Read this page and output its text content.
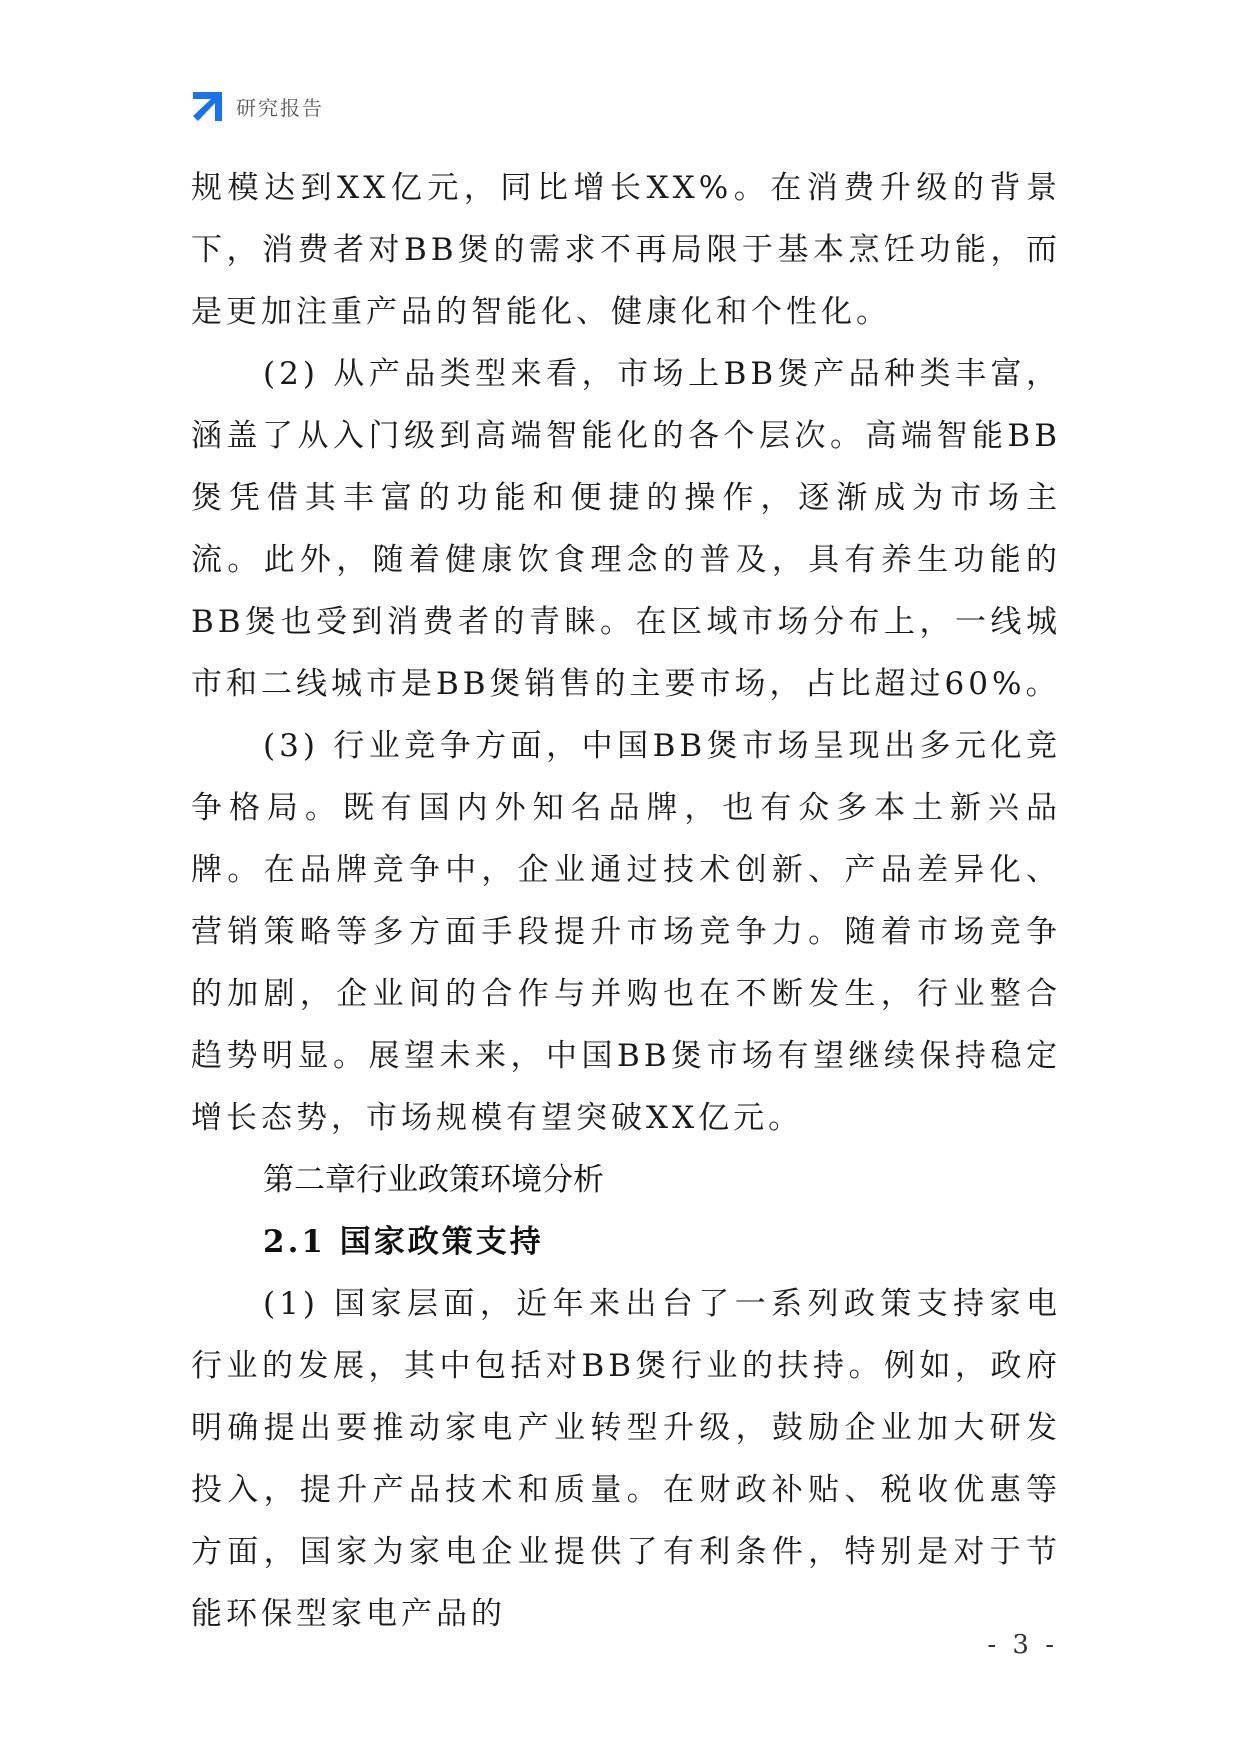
研究报告

规模达到XX亿元，同比增长XX%。在消费升级的背景下，消费者对BB煲的需求不再局限于基本烹饪功能，而是更加注重产品的智能化、健康化和个性化。

(2) 从产品类型来看，市场上BB煲产品种类丰富，涵盖了从入门级到高端智能化的各个层次。高端智能BB煲凭借其丰富的功能和便捷的操作，逐渐成为市场主流。此外，随着健康饮食理念的普及，具有养生功能的BB煲也受到消费者的青睐。在区域市场分布上，一线城市和二线城市是BB煲销售的主要市场，占比超过60%。

(3) 行业竞争方面，中国BB煲市场呈现出多元化竞争格局。既有国内外知名品牌，也有众多本土新兴品牌。在品牌竞争中，企业通过技术创新、产品差异化、营销策略等多方面手段提升市场竞争力。随着市场竞争的加剧，企业间的合作与并购也在不断发生，行业整合趋势明显。展望未来，中国BB煲市场有望继续保持稳定增长态势，市场规模有望突破XX亿元。

第二章行业政策环境分析
2.1 国家政策支持

(1) 国家层面，近年来出台了一系列政策支持家电行业的发展，其中包括对BB煲行业的扶持。例如，政府明确提出要推动家电产业转型升级，鼓励企业加大研发投入，提升产品技术和质量。在财政补贴、税收优惠等方面，国家为家电企业提供了有利条件，特别是对于节能环保型家电产品的

- 3 -
